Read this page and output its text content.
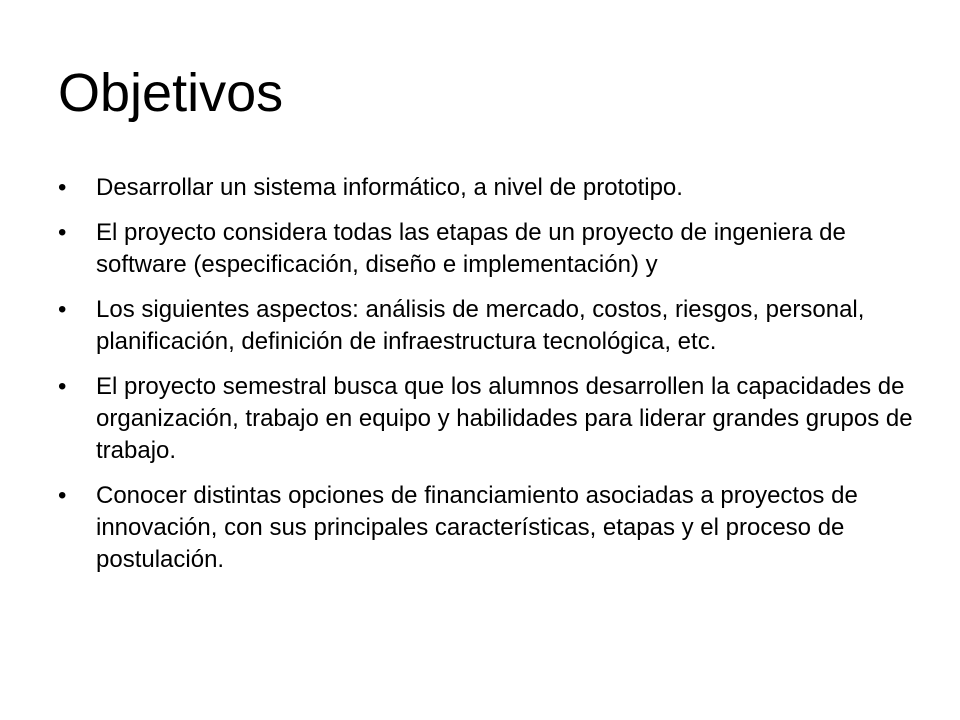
Objetivos
•	Desarrollar un sistema informático, a nivel de prototipo.
•	El proyecto considera todas las etapas de un proyecto de ingeniera de software (especificación, diseño e implementación) y
•	Los siguientes aspectos: análisis de mercado, costos, riesgos, personal, planificación, definición de infraestructura tecnológica, etc.
•	El proyecto semestral busca que los alumnos desarrollen la capacidades de organización, trabajo en equipo y habilidades para liderar grandes grupos de trabajo.
•	Conocer distintas opciones de financiamiento asociadas a proyectos de innovación, con sus principales características, etapas y el proceso de postulación.
